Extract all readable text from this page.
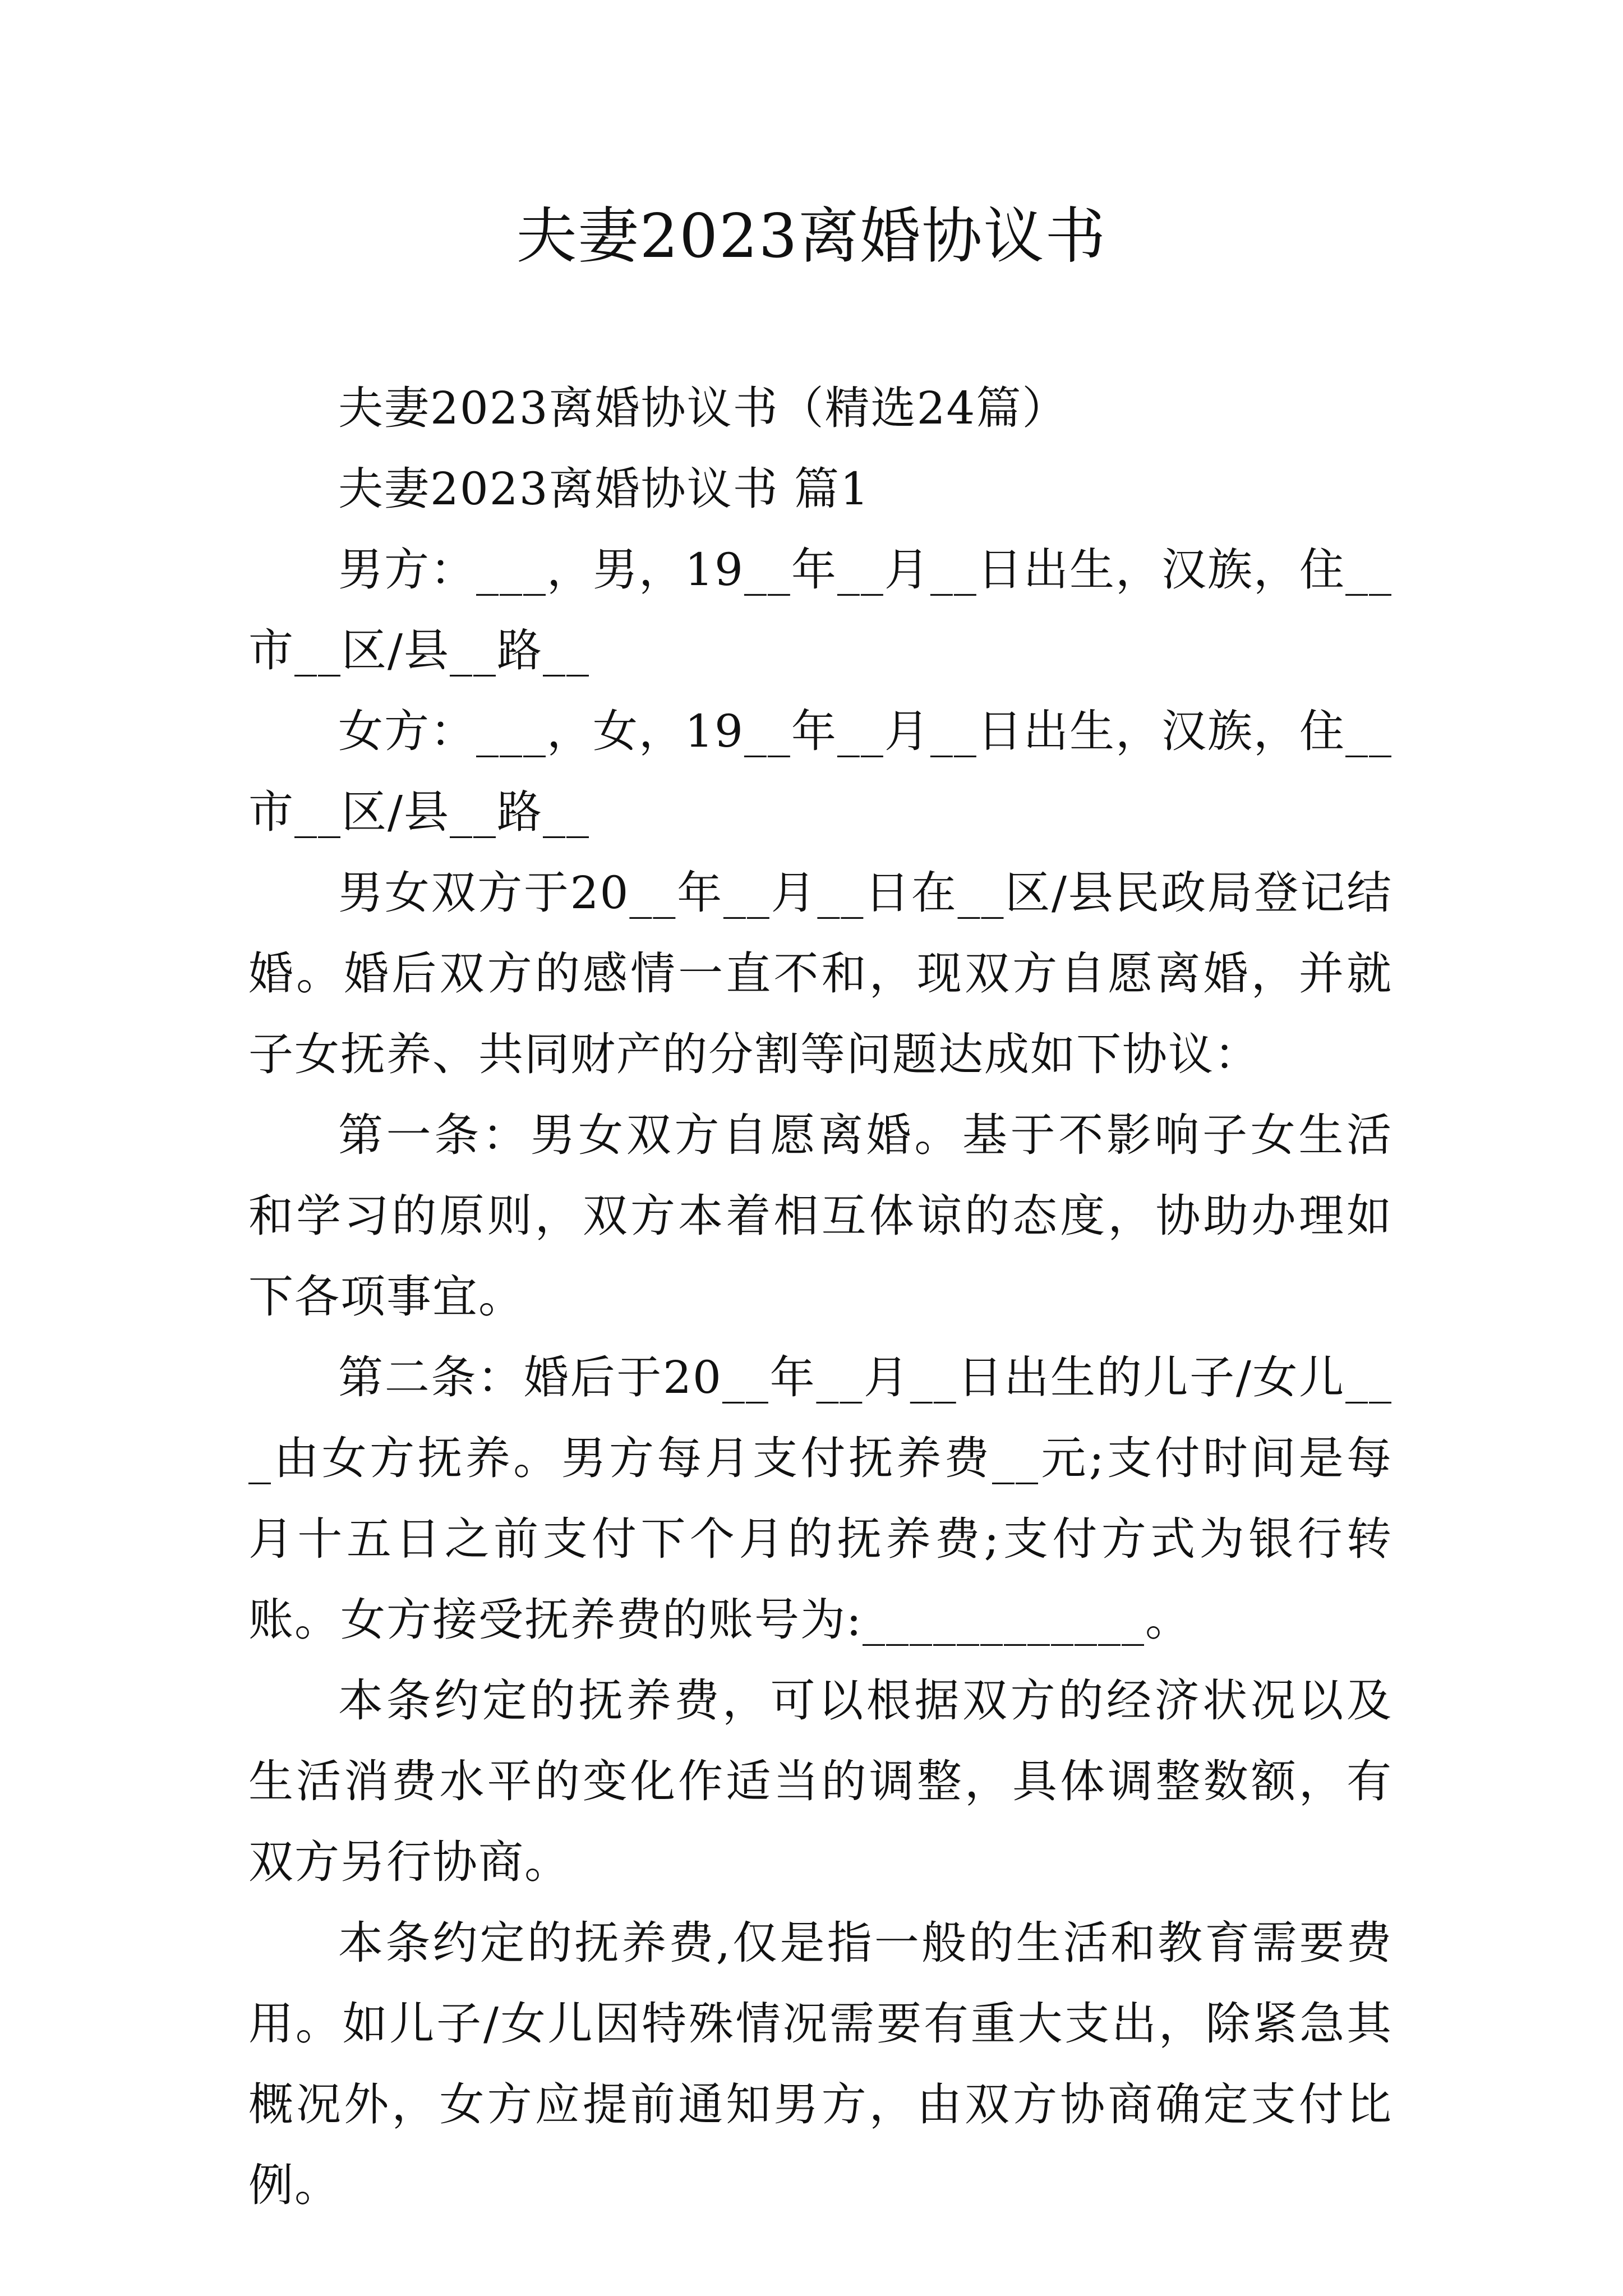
夫妻2023离婚协议书

夫妻2023离婚协议书（精选24篇）

夫妻2023离婚协议书 篇1

男方：___，男，19__年__月__日出生，汉族，住__市__区/县__路__

女方：___，女，19__年__月__日出生，汉族，住__市__区/县__路__

男女双方于20__年__月__日在__区/县民政局登记结婚。婚后双方的感情一直不和，现双方自愿离婚，并就子女抚养、共同财产的分割等问题达成如下协议：

第一条：男女双方自愿离婚。基于不影响子女生活和学习的原则，双方本着相互体谅的态度，协助办理如下各项事宜。

第二条：婚后于20__年__月__日出生的儿子/女儿___由女方抚养。男方每月支付抚养费__元;支付时间是每月十五日之前支付下个月的抚养费;支付方式为银行转账。女方接受抚养费的账号为:____________。

本条约定的抚养费，可以根据双方的经济状况以及生活消费水平的变化作适当的调整，具体调整数额，有双方另行协商。

本条约定的抚养费,仅是指一般的生活和教育需要费用。如儿子/女儿因特殊情况需要有重大支出，除紧急其概况外，女方应提前通知男方，由双方协商确定支付比例。
